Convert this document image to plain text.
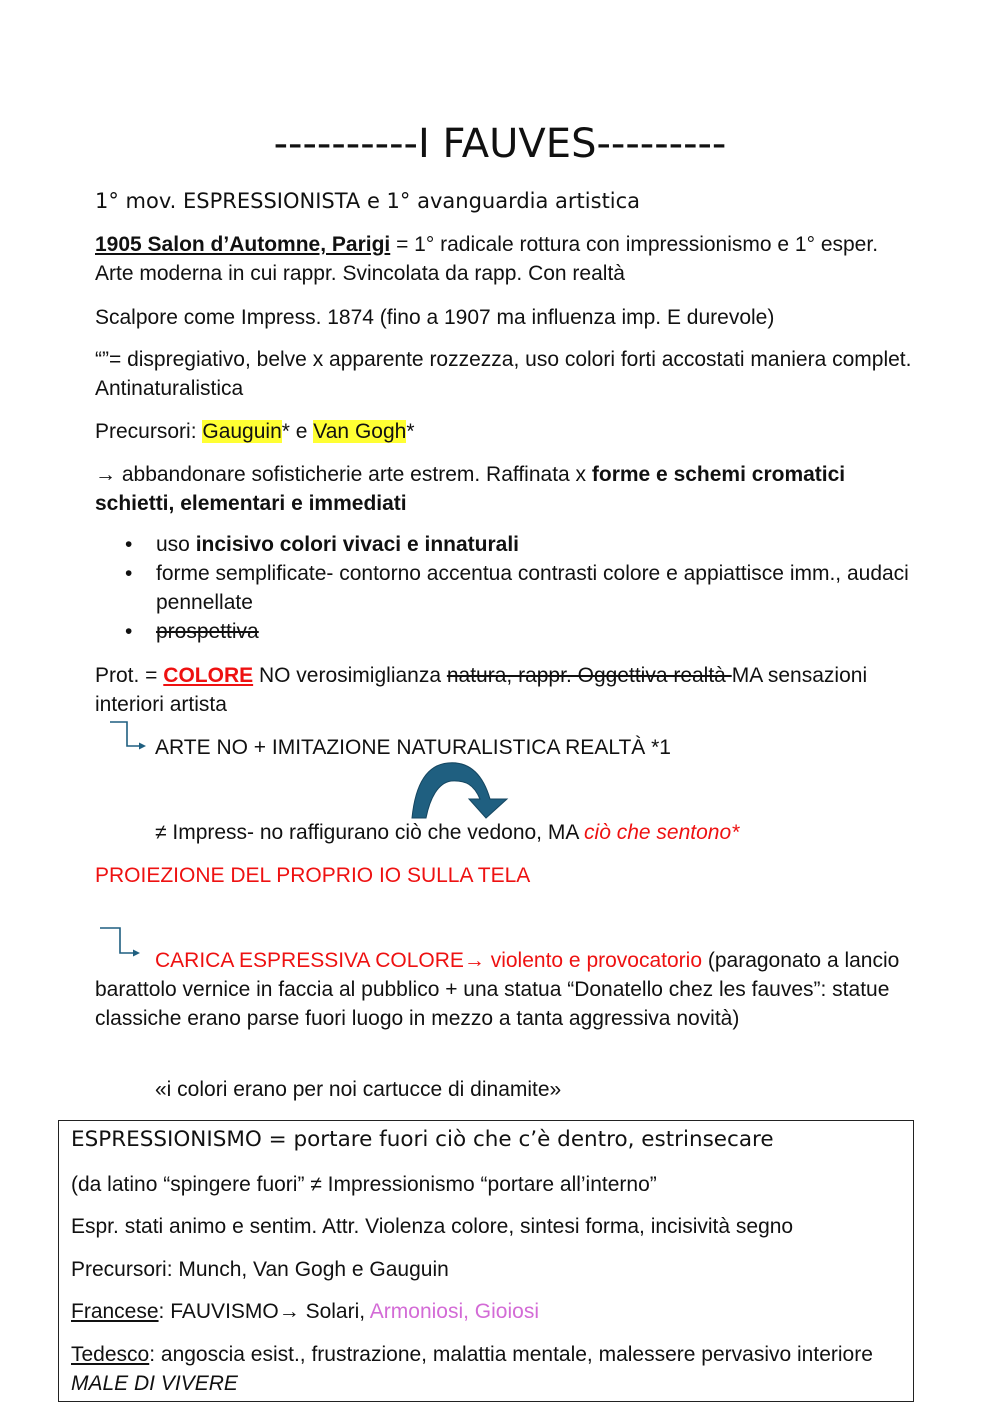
----------I FAUVES---------

1° mov. ESPRESSIONISTA e 1° avanguardia artistica

1905 Salon d’Automne, Parigi = 1° radicale rottura con impressionismo e 1° esper. Arte moderna in cui rappr. Svincolata da rapp. Con realtà

Scalpore come Impress. 1874 (fino a 1907 ma influenza imp. E durevole)

“”= dispregiativo, belve x apparente rozzezza, uso colori forti accostati maniera complet. Antinaturalistica

Precursori: Gauguin* e Van Gogh*

→ abbandonare sofisticherie arte estrem. Raffinata x forme e schemi cromatici schietti, elementari e immediati

• uso incisivo colori vivaci e innaturali
• forme semplificate- contorno accentua contrasti colore e appiattisce imm., audaci pennellate
• prospettiva

Prot. = COLORE NO verosimiglianza natura, rappr. Oggettiva realtà MA sensazioni interiori artista

ARTE NO + IMITAZIONE NATURALISTICA REALTÀ *1

≠ Impress- no raffigurano ciò che vedono, MA ciò che sentono*

PROIEZIONE DEL PROPRIO IO SULLA TELA

CARICA ESPRESSIVA COLORE→ violento e provocatorio (paragonato a lancio barattolo vernice in faccia al pubblico + una statua “Donatello chez les fauves”: statue classiche erano parse fuori luogo in mezzo a tanta aggressiva novità)

«i colori erano per noi cartucce di dinamite»

ESPRESSIONISMO = portare fuori ciò che c’è dentro, estrinsecare

(da latino “spingere fuori” ≠ Impressionismo “portare all’interno”

Espr. stati animo e sentim. Attr. Violenza colore, sintesi forma, incisività segno

Precursori: Munch, Van Gogh e Gauguin

Francese: FAUVISMO→ Solari, Armoniosi, Gioiosi

Tedesco: angoscia esist., frustrazione, malattia mentale, malessere pervasivo interiore MALE DI VIVERE
